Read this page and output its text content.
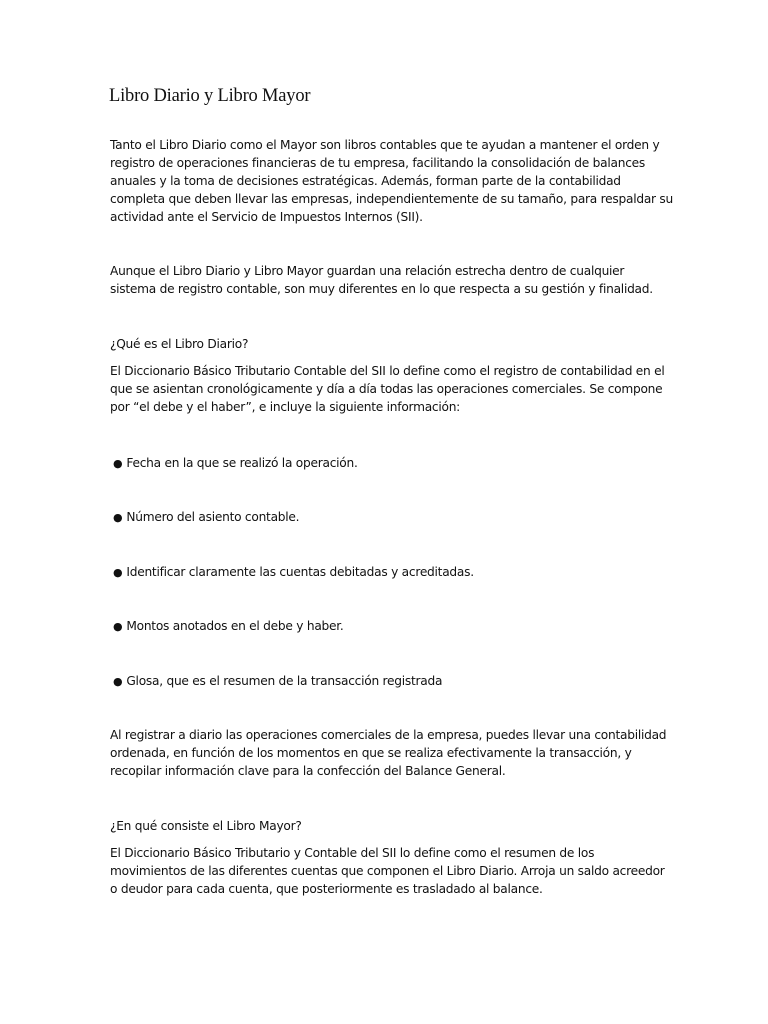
Libro Diario y Libro Mayor

Tanto el Libro Diario como el Mayor son libros contables que te ayudan a mantener el orden y
registro de operaciones financieras de tu empresa, facilitando la consolidación de balances
anuales y la toma de decisiones estratégicas. Además, forman parte de la contabilidad
completa que deben llevar las empresas, independientemente de su tamaño, para respaldar su
actividad ante el Servicio de Impuestos Internos (SII).

Aunque el Libro Diario y Libro Mayor guardan una relación estrecha dentro de cualquier
sistema de registro contable, son muy diferentes en lo que respecta a su gestión y finalidad.

¿Qué es el Libro Diario?

El Diccionario Básico Tributario Contable del SII lo define como el registro de contabilidad en el
que se asientan cronológicamente y día a día todas las operaciones comerciales. Se compone
por “el debe y el haber”, e incluye la siguiente información:

● Fecha en la que se realizó la operación.
● Número del asiento contable.
● Identificar claramente las cuentas debitadas y acreditadas.
● Montos anotados en el debe y haber.
● Glosa, que es el resumen de la transacción registrada

Al registrar a diario las operaciones comerciales de la empresa, puedes llevar una contabilidad
ordenada, en función de los momentos en que se realiza efectivamente la transacción, y
recopilar información clave para la confección del Balance General.

¿En qué consiste el Libro Mayor?

El Diccionario Básico Tributario y Contable del SII lo define como el resumen de los
movimientos de las diferentes cuentas que componen el Libro Diario. Arroja un saldo acreedor
o deudor para cada cuenta, que posteriormente es trasladado al balance.
